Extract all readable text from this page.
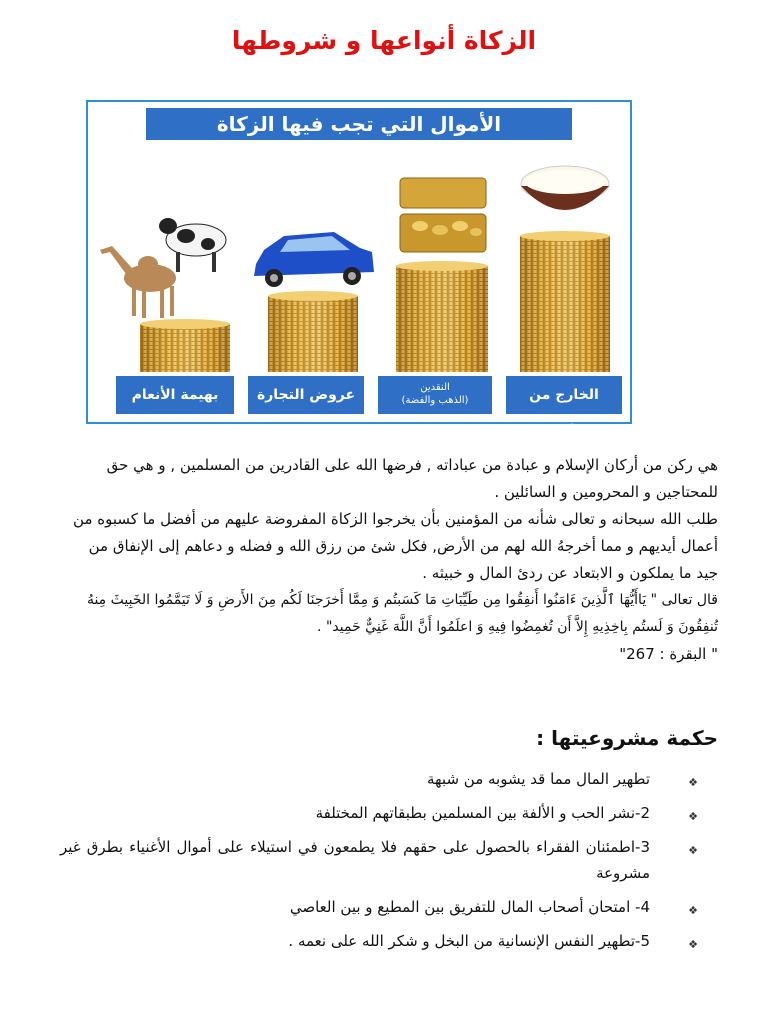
الزكاة أنواعها و شروطها
الأموال التي تجب فيها الزكاة
بهيمة الأنعام	عروض التجارة	النقدين
(الذهب والفضة)	الخارج من الأرض

هي ركن من أركان الإسلام و عبادة من عباداته , فرضها الله على القادرين من المسلمين , و هي حق للمحتاجين و المحرومين و السائلين .

طلب الله سبحانه و تعالى شأنه من المؤمنين بأن يخرجوا الزكاة المفروضة عليهم من أفضل ما كسبوه من أعمال أيديهم و مما أخرجهُ الله لهم من الأرض, فكل شئ من رزق الله و فضله و دعاهم إلى الإنفاق من جيد ما يملكون و الابتعاد عن ردئ المال و خبيثه .

قال تعالى " يَاأَيُّهَا ٱلَّذِينَ ءَامَنُوا أَنفِقُوا مِن طَيِّبَاتِ مَا كَسَبتُم وَ مِمَّا أَخرَجنَا لَكُم مِنَ الأَرضِ وَ لَا تَيَمَّمُوا الخَبِيثَ مِنهُ تُنفِقُونَ وَ لَستُم بِاخِذِيهِ إِلاَّ أَن تُغمِضُوا فِيهِ وَ اعلَمُوا أَنَّ اللَّهَ غَنِيٌّ حَمِيد" .

" البقرة : 267"

حكمة مشروعيتها :
❖
تطهير المال مما قد يشوبه من شبهة
❖
2-نشر الحب و الألفة بين المسلمين بطبقاتهم المختلفة
❖
3-اطمئنان الفقراء بالحصول على حقهم فلا يطمعون في استيلاء على أموال الأغنياء بطرق غير مشروعة
❖
4- امتحان أصحاب المال للتفريق بين المطيع و بين العاصي
❖
5-تطهير النفس الإنسانية من البخل و شكر الله على نعمه .
